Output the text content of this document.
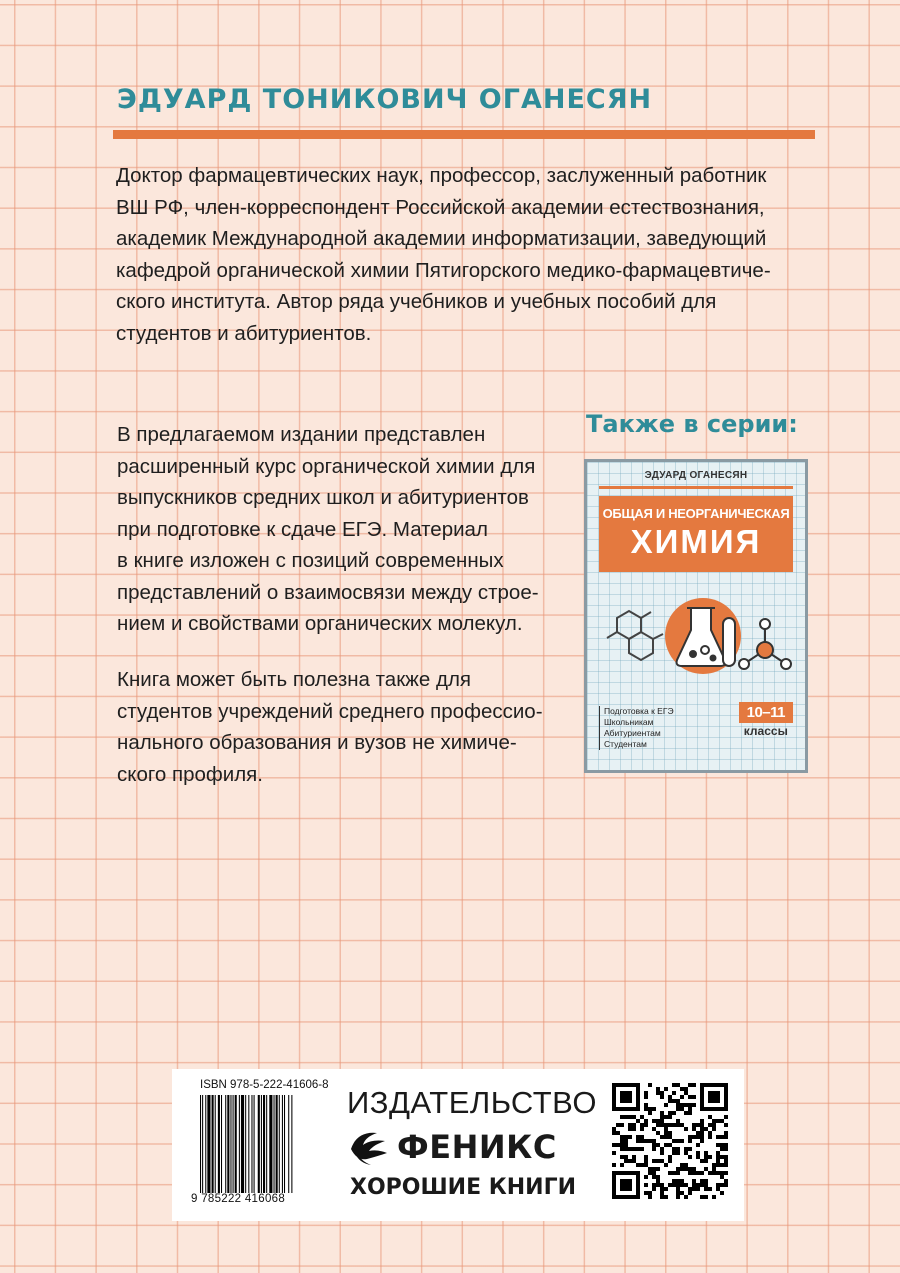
ЭДУАРД ТОНИКОВИЧ ОГАНЕСЯН
Доктор фармацевтических наук, профессор, заслуженный работник
ВШ РФ, член-корреспондент Российской академии естествознания,
академик Международной академии информатизации, заведующий
кафедрой органической химии Пятигорского медико-фармацевтиче-
ского института. Автор ряда учебников и учебных пособий для
студентов и абитуриентов.
В предлагаемом издании представлен
расширенный курс органической химии для
выпускников средних школ и абитуриентов
при подготовке к сдаче ЕГЭ. Материал
в книге изложен с позиций современных
представлений о взаимосвязи между строе-
нием и свойствами органических молекул.
Книга может быть полезна также для
студентов учреждений среднего профессио-
нального образования и вузов не химиче-
ского профиля.
Также в серии:
ЭДУАРД ОГАНЕСЯН
ОБЩАЯ И НЕОРГАНИЧЕСКАЯ
ХИМИЯ
Подготовка к ЕГЭ
Школьникам
Абитуриентам
Студентам
10–11
классы
ISBN 978-5-222-41606-8
9 785222 416068
ИЗДАТЕЛЬСТВО
ФЕНИКС
ХОРОШИЕ КНИГИ
